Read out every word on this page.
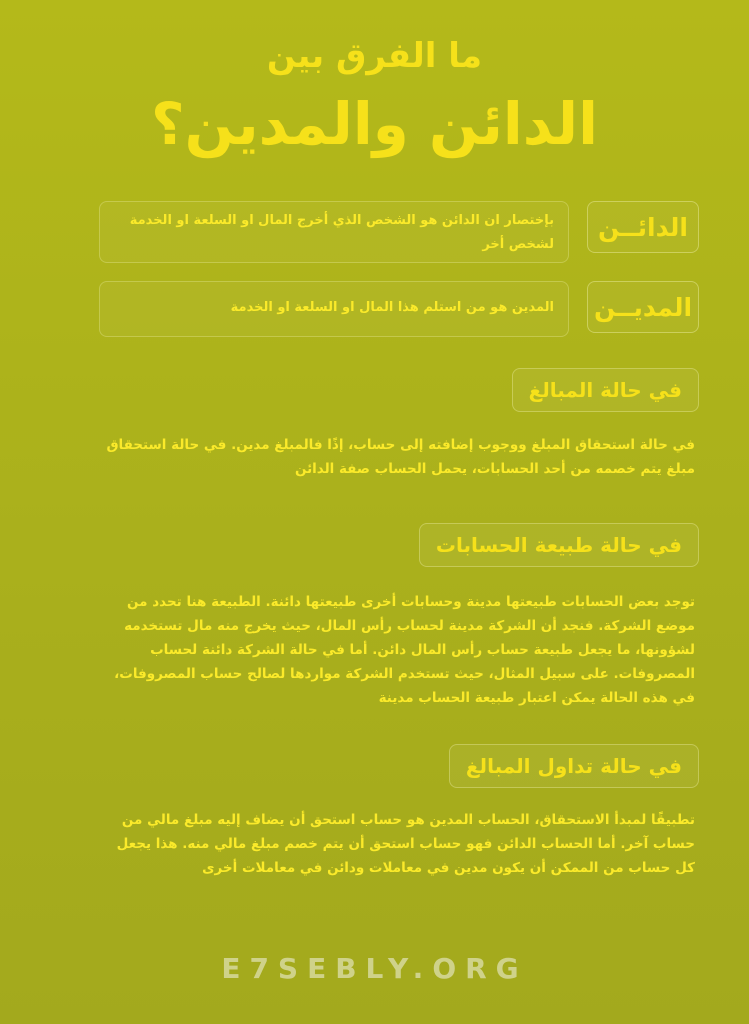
ما الفرق بين
الدائن والمدين؟
الدائــن
بإختصار ان الدائن هو الشخص الذي أخرج المال او السلعة او الخدمة لشخص أخر
المديــن
المدين هو من استلم هذا المال او السلعة او الخدمة
في حالة المبالغ
في حالة استحقاق المبلغ ووجوب إضافته إلى حساب، إذًا فالمبلغ مدين. في حالة استحقاق مبلغ يتم خصمه من أحد الحسابات، يحمل الحساب صفة الدائن
في حالة طبيعة الحسابات
توجد بعض الحسابات طبيعتها مدينة وحسابات أخرى طبيعتها دائنة. الطبيعة هنا تحدد من موضع الشركة. فنجد أن الشركة مدينة لحساب رأس المال، حيث يخرج منه مال تستخدمه لشؤونها، ما يجعل طبيعة حساب رأس المال دائن. أما في حالة الشركة دائنة لحساب المصروفات. على سبيل المثال، حيث تستخدم الشركة مواردها لصالح حساب المصروفات، في هذه الحالة يمكن اعتبار طبيعة الحساب مدينة
في حالة تداول المبالغ
تطبيقًا لمبدأ الاستحقاق، الحساب المدين هو حساب استحق أن يضاف إليه مبلغ مالي من حساب آخر. أما الحساب الدائن فهو حساب استحق أن يتم خصم مبلغ مالي منه. هذا يجعل كل حساب من الممكن أن يكون مدين في معاملات ودائن في معاملات أخرى
E7SEBLY.ORG
